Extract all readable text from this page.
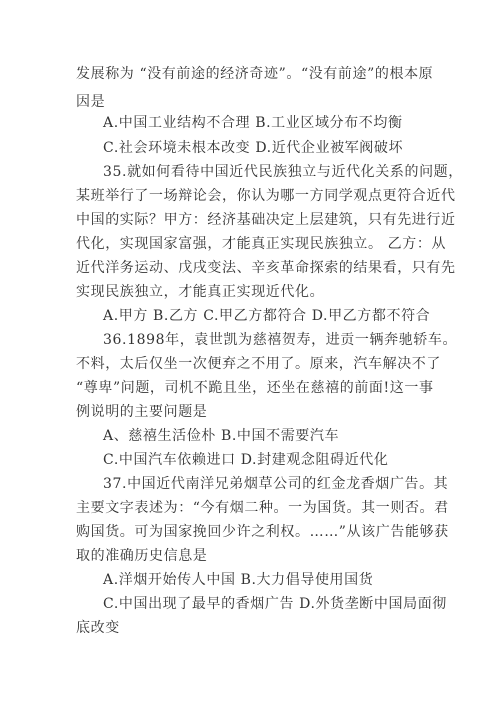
发展称为 “没有前途的经济奇迹”。“没有前途”的根本原
因是
A.中国工业结构不合理 B.工业区域分布不均衡
C.社会环境未根本改变 D.近代企业被军阀破坏
35.就如何看待中国近代民族独立与近代化关系的问题，
某班举行了一场辩论会，你认为哪一方同学观点更符合近代
中国的实际？甲方：经济基础决定上层建筑，只有先进行近
代化，实现国家富强，才能真正实现民族独立。 乙方：从
近代洋务运动、戊戌变法、辛亥革命探索的结果看，只有先
实现民族独立，才能真正实现近代化。
A.甲方 B.乙方 C.甲乙方都符合 D.甲乙方都不符合
36.1898年，袁世凯为慈禧贺寿，进贡一辆奔驰轿车。
不料，太后仅坐一次便弃之不用了。原来，汽车解决不了
“尊卑”问题，司机不跪且坐，还坐在慈禧的前面!这一事
例说明的主要问题是
A、慈禧生活俭朴 B.中国不需要汽车
C.中国汽车依赖进口 D.封建观念阻碍近代化
37.中国近代南洋兄弟烟草公司的红金龙香烟广告。其
主要文字表述为：“今有烟二种。一为国货。其一则否。君
购国货。可为国家挽回少许之利权。……”从该广告能够获
取的准确历史信息是
A.洋烟开始传人中国 B.大力倡导使用国货
C.中国出现了最早的香烟广告 D.外货垄断中国局面彻
底改变
